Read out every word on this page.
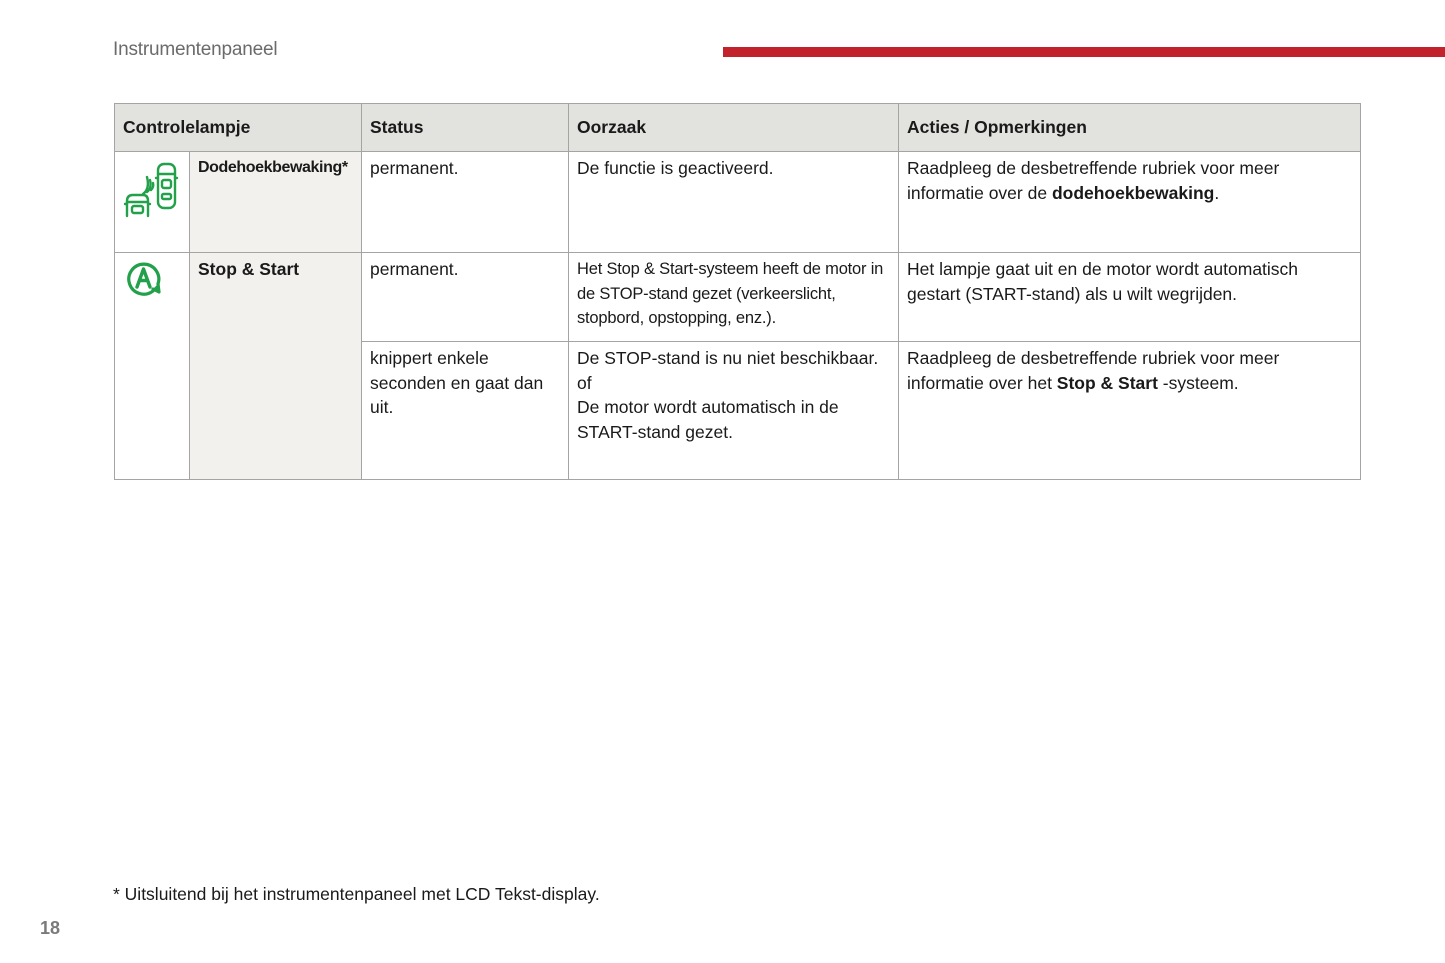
Instrumentenpaneel
Controlelampje		Status	Oorzaak	Acties / Opmerkingen

	Dodehoekbewaking*	permanent.	De functie is geactiveerd.	Raadpleeg de desbetreffende rubriek voor meer informatie over de dodehoekbewaking.

	Stop & Start	permanent.	Het Stop & Start-systeem heeft de motor in de STOP-stand gezet (verkeerslicht, stopbord, opstopping, enz.).	Het lampje gaat uit en de motor wordt automatisch gestart (START-stand) als u wilt wegrijden.
		knippert enkele seconden en gaat dan uit.	De STOP-stand is nu niet beschikbaar.
of
De motor wordt automatisch in de START-stand gezet.	Raadpleeg de desbetreffende rubriek voor meer informatie over het Stop & Start -systeem.
* Uitsluitend bij het instrumentenpaneel met LCD Tekst-display.
18
